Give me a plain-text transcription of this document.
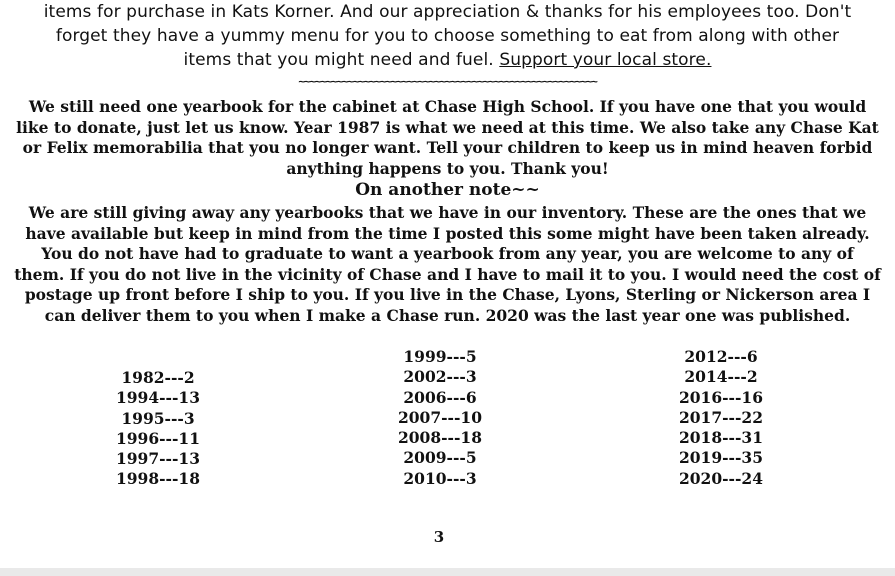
items for purchase in Kats Korner. And our appreciation & thanks for his employees too. Don't
forget they have a yummy menu for you to choose something to eat from along with other
items that you might need and fuel. Support your local store.
~~~~~~~~~~~~~~~~~~~~~~~~~~~~~~~~~~~~~~~~~~~~~~~~~~~~~~~
We still need one yearbook for the cabinet at Chase High School. If you have one that you would
like to donate, just let us know. Year 1987 is what we need at this time. We also take any Chase Kat
or Felix memorabilia that you no longer want. Tell your children to keep us in mind heaven forbid
anything happens to you. Thank you!
On another note~~
We are still giving away any yearbooks that we have in our inventory. These are the ones that we
have available but keep in mind from the time I posted this some might have been taken already.
You do not have had to graduate to want a yearbook from any year, you are welcome to any of
them. If you do not live in the vicinity of Chase and I have to mail it to you. I would need the cost of
postage up front before I ship to you. If you live in the Chase, Lyons, Sterling or Nickerson area I
can deliver them to you when I make a Chase run. 2020 was the last year one was published.
1982---2
1994---13
1995---3
1996---11
1997---13
1998---18
1999---5
2002---3
2006---6
2007---10
2008---18
2009---5
2010---3
2012---6
2014---2
2016---16
2017---22
2018---31
2019---35
2020---24
3
